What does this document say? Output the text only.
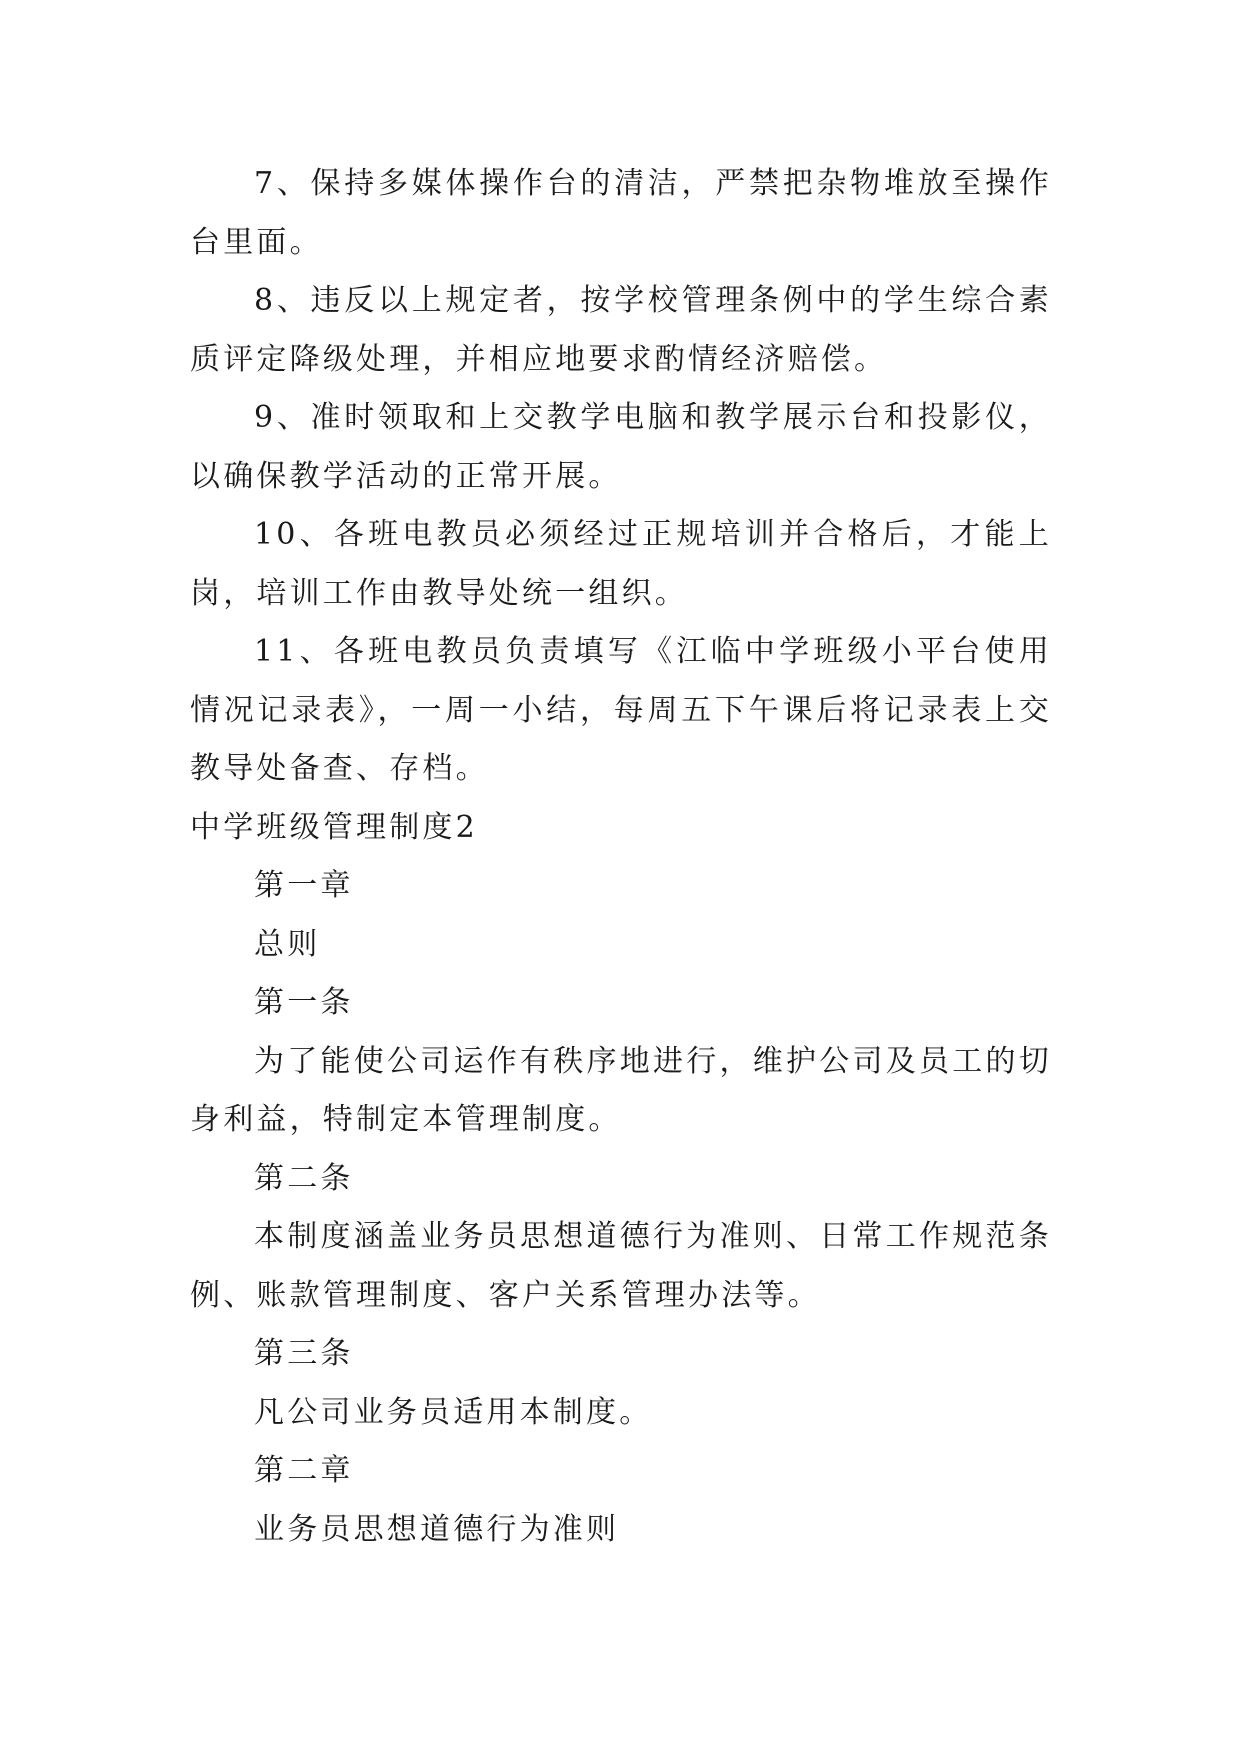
7、保持多媒体操作台的清洁，严禁把杂物堆放至操作台里面。

8、违反以上规定者，按学校管理条例中的学生综合素质评定降级处理，并相应地要求酌情经济赔偿。

9、准时领取和上交教学电脑和教学展示台和投影仪，以确保教学活动的正常开展。

10、各班电教员必须经过正规培训并合格后，才能上岗，培训工作由教导处统一组织。

11、各班电教员负责填写《江临中学班级小平台使用情况记录表》，一周一小结，每周五下午课后将记录表上交教导处备查、存档。

中学班级管理制度2

第一章

总则

第一条

为了能使公司运作有秩序地进行，维护公司及员工的切身利益，特制定本管理制度。

第二条

本制度涵盖业务员思想道德行为准则、日常工作规范条例、账款管理制度、客户关系管理办法等。

第三条

凡公司业务员适用本制度。

第二章

业务员思想道德行为准则
